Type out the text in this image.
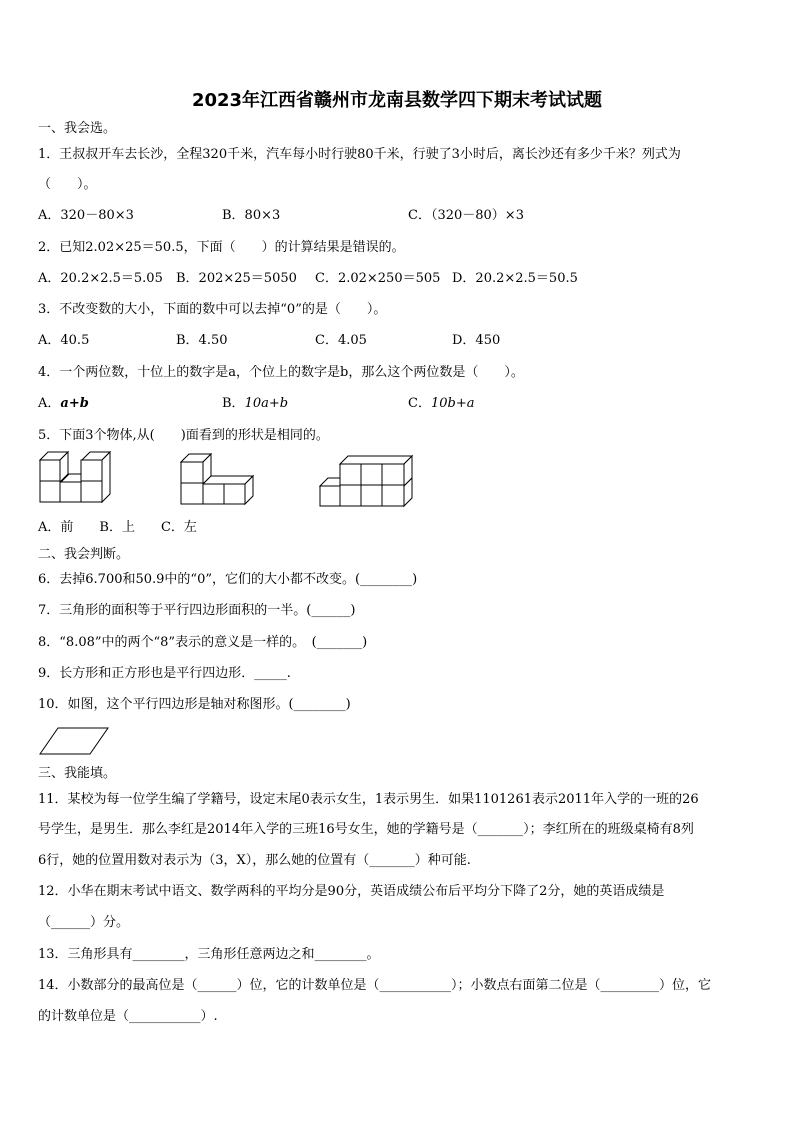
2023年江西省赣州市龙南县数学四下期末考试试题
一、我会选。
1．王叔叔开车去长沙，全程320千米，汽车每小时行驶80千米，行驶了3小时后，离长沙还有多少千米？列式为
（　　）。
A．320－80×3	B．80×3	C．（320－80）×3
2．已知2.02×25＝50.5，下面（　　）的计算结果是错误的。
A．20.2×2.5＝5.05 B．202×25＝5050 C．2.02×250＝505 D．20.2×2.5＝50.5
3．不改变数的大小，下面的数中可以去掉“0”的是（　　）。
A．40.5	B．4.50	C．4.05	D．450
4．一个两位数，十位上的数字是a，个位上的数字是b，那么这个两位数是（　　）。
A．a+b	B．10a+b	C．10b+a
5．下面3个物体,从(　　)面看到的形状是相同的。
A．前　　B．上　　C．左
二、我会判断。
6．去掉6.700和50.9中的“0”，它们的大小都不改变。(________)
7．三角形的面积等于平行四边形面积的一半。(______)
8．“8.08”中的两个“8”表示的意义是一样的。　(_______)
9．长方形和正方形也是平行四边形．_____.
10．如图，这个平行四边形是轴对称图形。(________)
三、我能填。
11．某校为每一位学生编了学籍号，设定末尾0表示女生，1表示男生．如果1101261表示2011年入学的一班的26
号学生，是男生．那么李红是2014年入学的三班16号女生，她的学籍号是（_______）；李红所在的班级桌椅有8列
6行，她的位置用数对表示为（3，X），那么她的位置有（_______）种可能.
12．小华在期末考试中语文、数学两科的平均分是90分，英语成绩公布后平均分下降了2分，她的英语成绩是
（______）分。
13．三角形具有________，三角形任意两边之和________。
14．小数部分的最高位是（______）位，它的计数单位是（___________）；小数点右面第二位是（_________）位，它
的计数单位是（___________）.
